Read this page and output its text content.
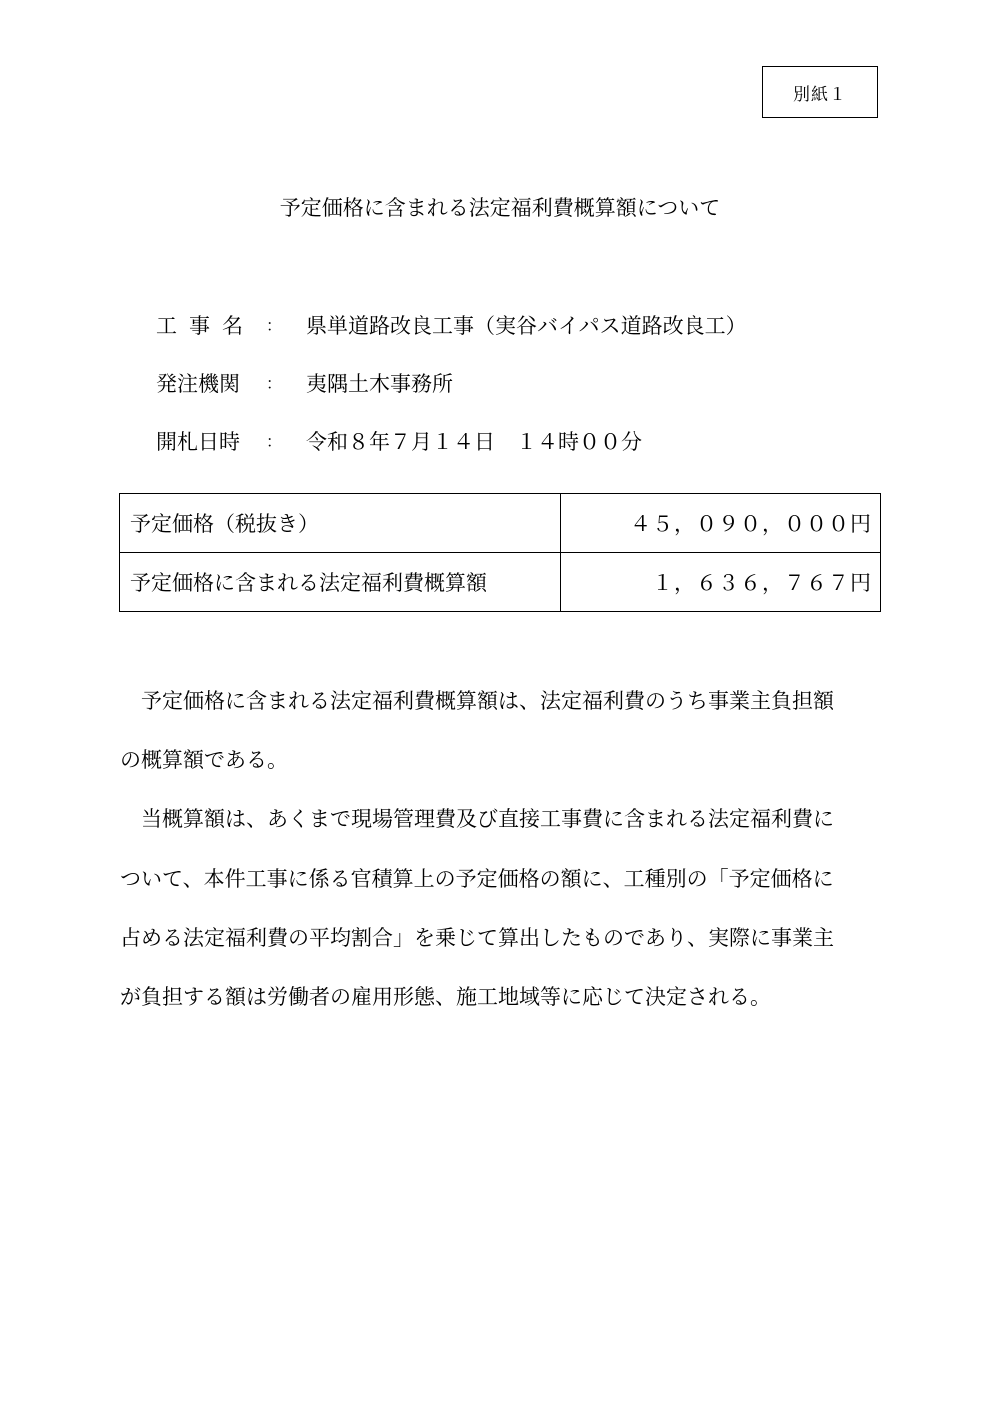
別紙１
予定価格に含まれる法定福利費概算額について
工事名 ： 県単道路改良工事（実谷バイパス道路改良工）
発注機関	： 夷隅土木事務所
開札日時	： 令和８年７月１４日　１４時００分
予定価格（税抜き）	４５，０９０，０００円
予定価格に含まれる法定福利費概算額	１，６３６，７６７円
　予定価格に含まれる法定福利費概算額は、法定福利費のうち事業主負担額
の概算額である。
　当概算額は、あくまで現場管理費及び直接工事費に含まれる法定福利費に
ついて、本件工事に係る官積算上の予定価格の額に、工種別の「予定価格に
占める法定福利費の平均割合」を乗じて算出したものであり、実際に事業主
が負担する額は労働者の雇用形態、施工地域等に応じて決定される。
